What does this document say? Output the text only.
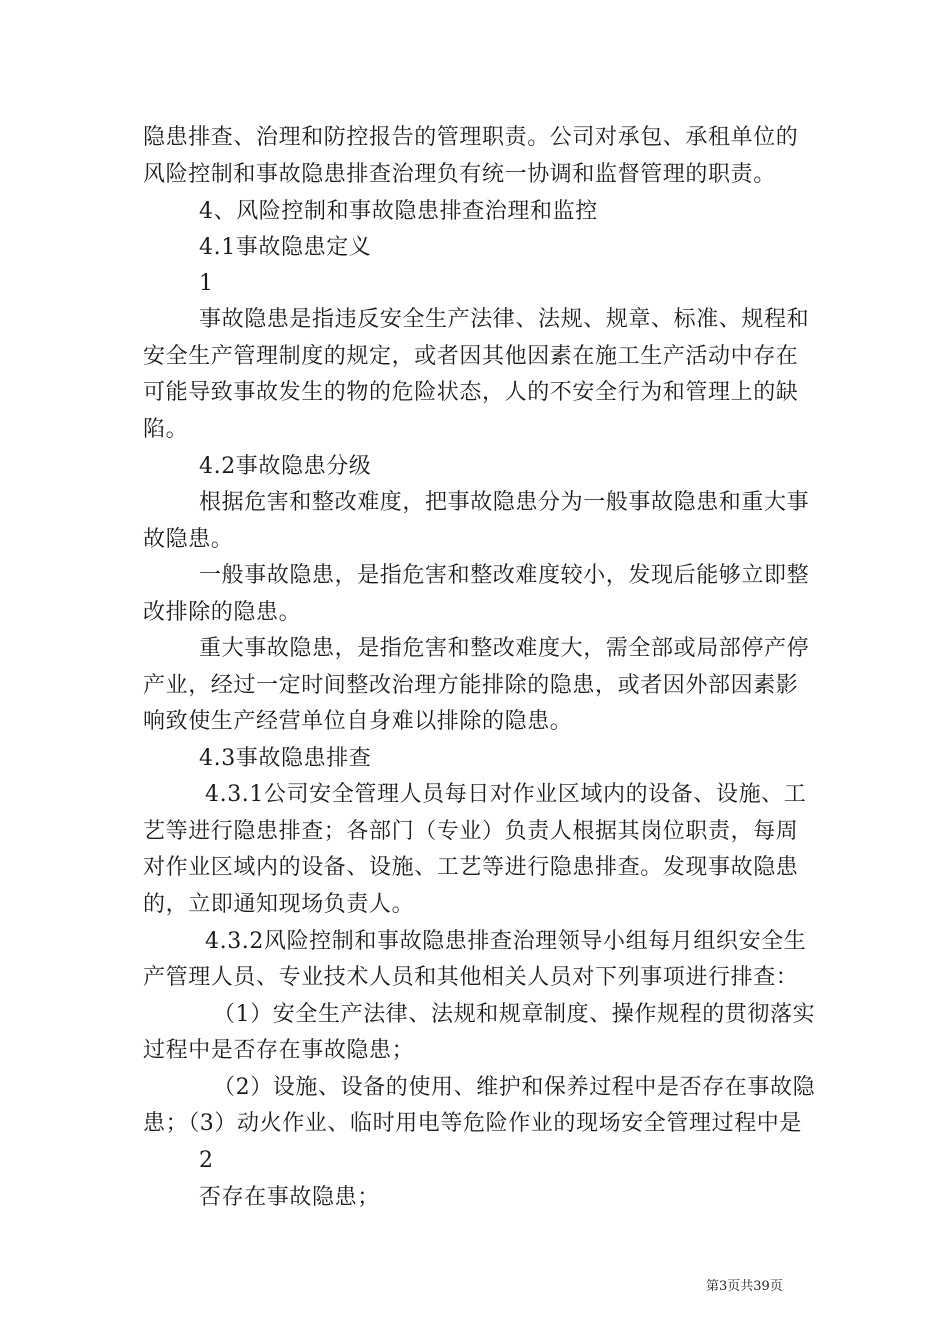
隐患排查、治理和防控报告的管理职责。公司对承包、承租单位的
风险控制和事故隐患排查治理负有统一协调和监督管理的职责。
4、风险控制和事故隐患排查治理和监控
4.1事故隐患定义
1
事故隐患是指违反安全生产法律、法规、规章、标准、规程和
安全生产管理制度的规定，或者因其他因素在施工生产活动中存在
可能导致事故发生的物的危险状态，人的不安全行为和管理上的缺
陷。
4.2事故隐患分级
根据危害和整改难度，把事故隐患分为一般事故隐患和重大事
故隐患。
一般事故隐患，是指危害和整改难度较小，发现后能够立即整
改排除的隐患。
重大事故隐患，是指危害和整改难度大，需全部或局部停产停
产业，经过一定时间整改治理方能排除的隐患，或者因外部因素影
响致使生产经营单位自身难以排除的隐患。
4.3事故隐患排查
4.3.1公司安全管理人员每日对作业区域内的设备、设施、工
艺等进行隐患排查；各部门（专业）负责人根据其岗位职责，每周
对作业区域内的设备、设施、工艺等进行隐患排查。发现事故隐患
的，立即通知现场负责人。
4.3.2风险控制和事故隐患排查治理领导小组每月组织安全生
产管理人员、专业技术人员和其他相关人员对下列事项进行排查：
（1）安全生产法律、法规和规章制度、操作规程的贯彻落实
过程中是否存在事故隐患；
（2）设施、设备的使用、维护和保养过程中是否存在事故隐
患；（3）动火作业、临时用电等危险作业的现场安全管理过程中是
2
否存在事故隐患；
第3页共39页
